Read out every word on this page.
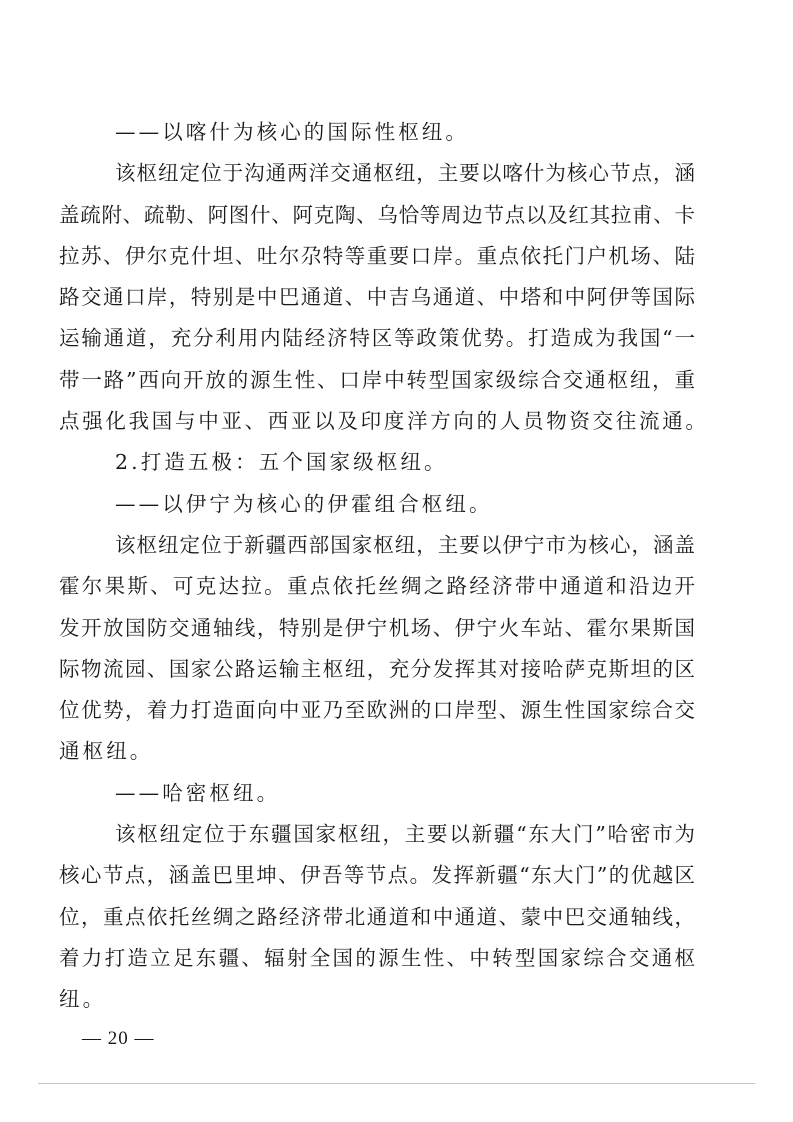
——以喀什为核心的国际性枢纽。
该枢纽定位于沟通两洋交通枢纽，主要以喀什为核心节点，涵
盖疏附、疏勒、阿图什、阿克陶、乌恰等周边节点以及红其拉甫、卡
拉苏、伊尔克什坦、吐尔尕特等重要口岸。重点依托门户机场、陆
路交通口岸，特别是中巴通道、中吉乌通道、中塔和中阿伊等国际
运输通道，充分利用内陆经济特区等政策优势。打造成为我国“一
带一路”西向开放的源生性、口岸中转型国家级综合交通枢纽，重
点强化我国与中亚、西亚以及印度洋方向的人员物资交往流通。
2.打造五极：五个国家级枢纽。
——以伊宁为核心的伊霍组合枢纽。
该枢纽定位于新疆西部国家枢纽，主要以伊宁市为核心，涵盖
霍尔果斯、可克达拉。重点依托丝绸之路经济带中通道和沿边开
发开放国防交通轴线，特别是伊宁机场、伊宁火车站、霍尔果斯国
际物流园、国家公路运输主枢纽，充分发挥其对接哈萨克斯坦的区
位优势，着力打造面向中亚乃至欧洲的口岸型、源生性国家综合交
通枢纽。
——哈密枢纽。
该枢纽定位于东疆国家枢纽，主要以新疆“东大门”哈密市为
核心节点，涵盖巴里坤、伊吾等节点。发挥新疆“东大门”的优越区
位，重点依托丝绸之路经济带北通道和中通道、蒙中巴交通轴线，
着力打造立足东疆、辐射全国的源生性、中转型国家综合交通枢
纽。
— 20 —
